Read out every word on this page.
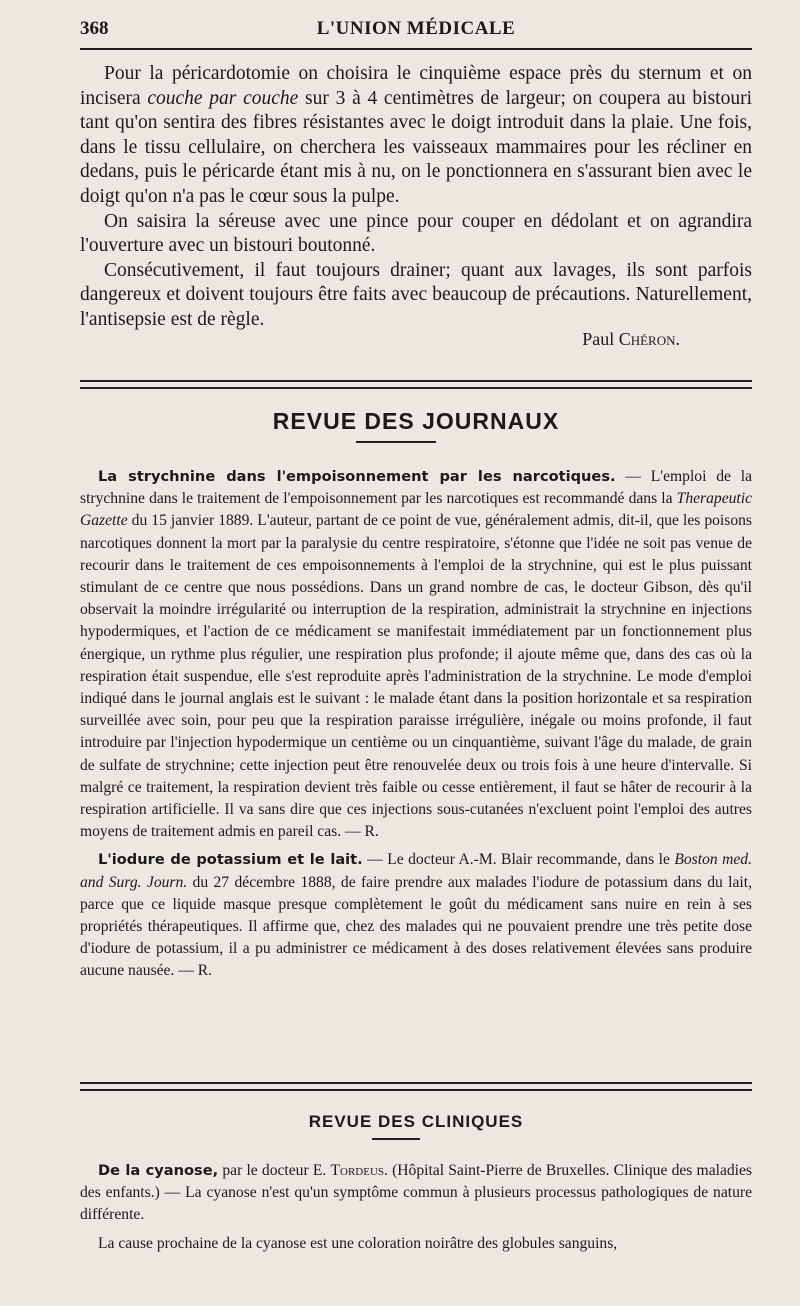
368	L'UNION MÉDICALE

Pour la péricardotomie on choisira le cinquième espace près du sternum et on incisera couche par couche sur 3 à 4 centimètres de largeur; on coupera au bistouri tant qu'on sentira des fibres résistantes avec le doigt introduit dans la plaie. Une fois, dans le tissu cellulaire, on cherchera les vaisseaux mammaires pour les récliner en dedans, puis le péricarde étant mis à nu, on le ponctionnera en s'assurant bien avec le doigt qu'on n'a pas le cœur sous la pulpe.

On saisira la séreuse avec une pince pour couper en dédolant et on agrandira l'ouverture avec un bistouri boutonné.

Consécutivement, il faut toujours drainer; quant aux lavages, ils sont parfois dangereux et doivent toujours être faits avec beaucoup de précautions. Naturellement, l'antisepsie est de règle.

Paul Chéron.
REVUE DES JOURNAUX

La strychnine dans l'empoisonnement par les narcotiques. — L'emploi de la strychnine dans le traitement de l'empoisonnement par les narcotiques est recommandé dans la Therapeutic Gazette du 15 janvier 1889. L'auteur, partant de ce point de vue, généralement admis, dit-il, que les poisons narcotiques donnent la mort par la paralysie du centre respiratoire, s'étonne que l'idée ne soit pas venue de recourir dans le traitement de ces empoisonnements à l'emploi de la strychnine, qui est le plus puissant stimulant de ce centre que nous possédions. Dans un grand nombre de cas, le docteur Gibson, dès qu'il observait la moindre irrégularité ou interruption de la respiration, administrait la strychnine en injections hypodermiques, et l'action de ce médicament se manifestait immédiatement par un fonctionnement plus énergique, un rythme plus régulier, une respiration plus profonde; il ajoute même que, dans des cas où la respiration était suspendue, elle s'est reproduite après l'administration de la strychnine. Le mode d'emploi indiqué dans le journal anglais est le suivant : le malade étant dans la position horizontale et sa respiration surveillée avec soin, pour peu que la respiration paraisse irrégulière, inégale ou moins profonde, il faut introduire par l'injection hypodermique un centième ou un cinquantième, suivant l'âge du malade, de grain de sulfate de strychnine; cette injection peut être renouvelée deux ou trois fois à une heure d'intervalle. Si malgré ce traitement, la respiration devient très faible ou cesse entièrement, il faut se hâter de recourir à la respiration artificielle. Il va sans dire que ces injections sous-cutanées n'excluent point l'emploi des autres moyens de traitement admis en pareil cas. — R.

L'iodure de potassium et le lait. — Le docteur A.-M. Blair recommande, dans le Boston med. and Surg. Journ. du 27 décembre 1888, de faire prendre aux malades l'iodure de potassium dans du lait, parce que ce liquide masque presque complètement le goût du médicament sans nuire en rein à ses propriétés thérapeutiques. Il affirme que, chez des malades qui ne pouvaient prendre une très petite dose d'iodure de potassium, il a pu administrer ce médicament à des doses relativement élevées sans produire aucune nausée. — R.

REVUE DES CLINIQUES

De la cyanose, par le docteur E. Tordeus. (Hôpital Saint-Pierre de Bruxelles. Clinique des maladies des enfants.) — La cyanose n'est qu'un symptôme commun à plusieurs processus pathologiques de nature différente.

La cause prochaine de la cyanose est une coloration noirâtre des globules sanguins,
